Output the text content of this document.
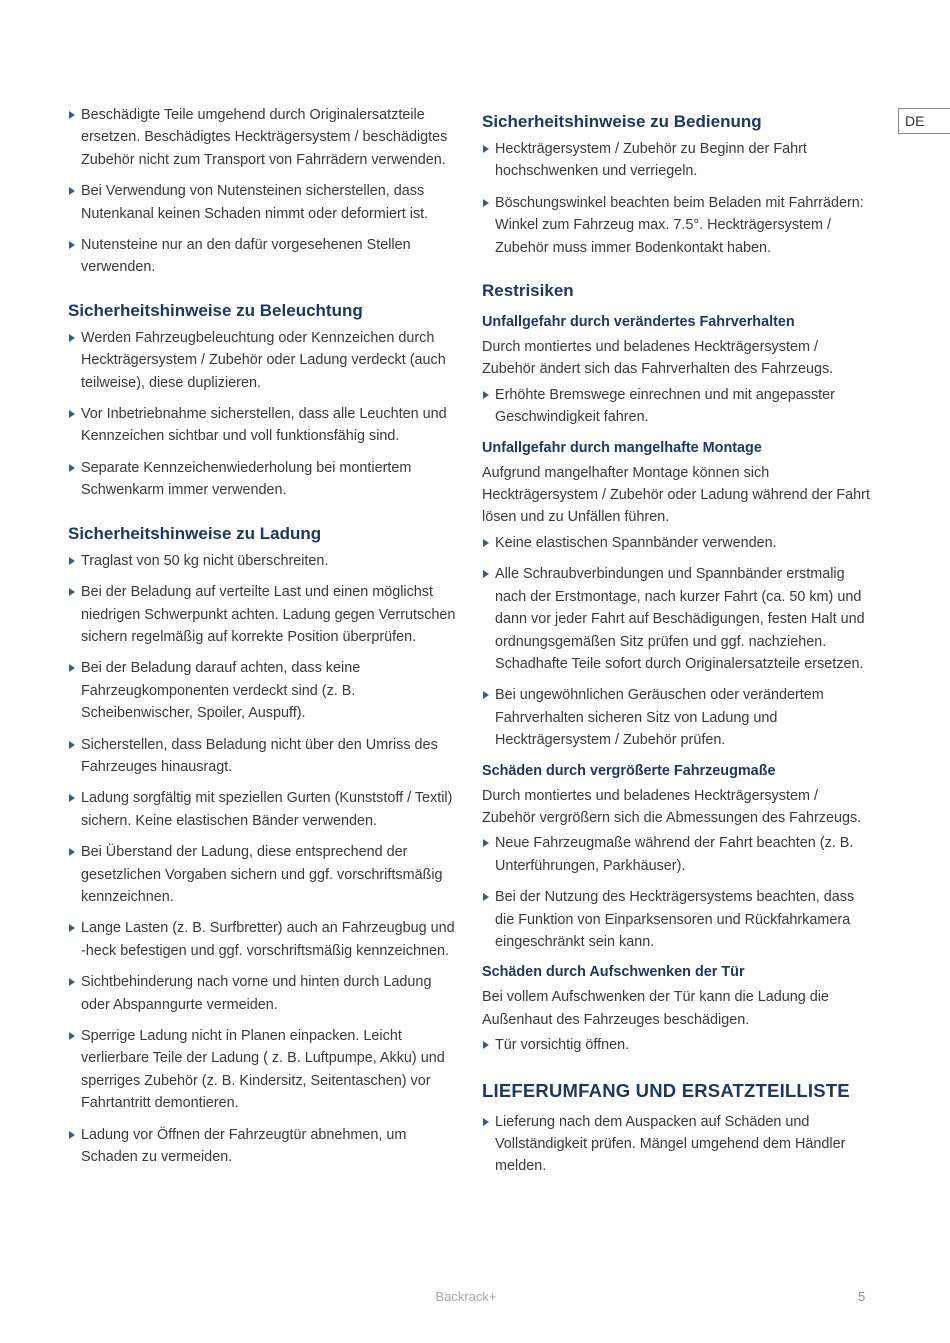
Beschädigte Teile umgehend durch Originalersatzteile ersetzen. Beschädigtes Heckträgersystem / beschädigtes Zubehör nicht zum Transport von Fahrrädern verwenden.
Bei Verwendung von Nutensteinen sicherstellen, dass Nutenkanal keinen Schaden nimmt oder deformiert ist.
Nutensteine nur an den dafür vorgesehenen Stellen verwenden.
Sicherheitshinweise zu Beleuchtung
Werden Fahrzeugbeleuchtung oder Kennzeichen durch Heckträgersystem / Zubehör oder Ladung verdeckt (auch teilweise), diese duplizieren.
Vor Inbetriebnahme sicherstellen, dass alle Leuchten und Kennzeichen sichtbar und voll funktionsfähig sind.
Separate Kennzeichenwiederholung bei montiertem Schwenkarm immer verwenden.
Sicherheitshinweise zu Ladung
Traglast von 50 kg nicht überschreiten.
Bei der Beladung auf verteilte Last und einen möglichst niedrigen Schwerpunkt achten. Ladung gegen Verrutschen sichern regelmäßig auf korrekte Position überprüfen.
Bei der Beladung darauf achten, dass keine Fahrzeugkomponenten verdeckt sind (z. B. Scheibenwischer, Spoiler, Auspuff).
Sicherstellen, dass Beladung nicht über den Umriss des Fahrzeuges hinausragt.
Ladung sorgfältig mit speziellen Gurten (Kunststoff / Textil) sichern. Keine elastischen Bänder verwenden.
Bei Überstand der Ladung, diese entsprechend der gesetzlichen Vorgaben sichern und ggf. vorschriftsmäßig kennzeichnen.
Lange Lasten (z. B. Surfbretter) auch an Fahrzeugbug und -heck befestigen und ggf. vorschriftsmäßig kennzeichnen.
Sichtbehinderung nach vorne und hinten durch Ladung oder Abspanngurte vermeiden.
Sperrige Ladung nicht in Planen einpacken. Leicht verlierbare Teile der Ladung ( z. B. Luftpumpe, Akku) und sperriges Zubehör (z. B. Kindersitz, Seitentaschen) vor Fahrtantritt demontieren.
Ladung vor Öffnen der Fahrzeugtür abnehmen, um Schaden zu vermeiden.
Sicherheitshinweise zu Bedienung
Heckträgersystem / Zubehör zu Beginn der Fahrt hochschwenken und verriegeln.
Böschungswinkel beachten beim Beladen mit Fahrrädern: Winkel zum Fahrzeug max. 7.5°. Heckträgersystem / Zubehör muss immer Bodenkontakt haben.
Restrisiken
Unfallgefahr durch verändertes Fahrverhalten

Durch montiertes und beladenes Heckträgersystem / Zubehör ändert sich das Fahrverhalten des Fahrzeugs.

Erhöhte Bremswege einrechnen und mit angepasster Geschwindigkeit fahren.
Unfallgefahr durch mangelhafte Montage

Aufgrund mangelhafter Montage können sich Heckträgersystem / Zubehör oder Ladung während der Fahrt lösen und zu Unfällen führen.

Keine elastischen Spannbänder verwenden.
Alle Schraubverbindungen und Spannbänder erstmalig nach der Erstmontage, nach kurzer Fahrt (ca. 50 km) und dann vor jeder Fahrt auf Beschädigungen, festen Halt und ordnungsgemäßen Sitz prüfen und ggf. nachziehen. Schadhafte Teile sofort durch Originalersatzteile ersetzen.
Bei ungewöhnlichen Geräuschen oder verändertem Fahrverhalten sicheren Sitz von Ladung und Heckträgersystem / Zubehör prüfen.
Schäden durch vergrößerte Fahrzeugmaße

Durch montiertes und beladenes Heckträgersystem / Zubehör vergrößern sich die Abmessungen des Fahrzeugs.

Neue Fahrzeugmaße während der Fahrt beachten (z. B. Unterführungen, Parkhäuser).
Bei der Nutzung des Heckträgersystems beachten, dass die Funktion von Einparksensoren und Rückfahrkamera eingeschränkt sein kann.
Schäden durch Aufschwenken der Tür

Bei vollem Aufschwenken der Tür kann die Ladung die Außenhaut des Fahrzeuges beschädigen.

Tür vorsichtig öffnen.
LIEFERUMFANG UND ERSATZTEILLISTE
Lieferung nach dem Auspacken auf Schäden und Vollständigkeit prüfen. Mängel umgehend dem Händler melden.
DE
Backrack+	5
